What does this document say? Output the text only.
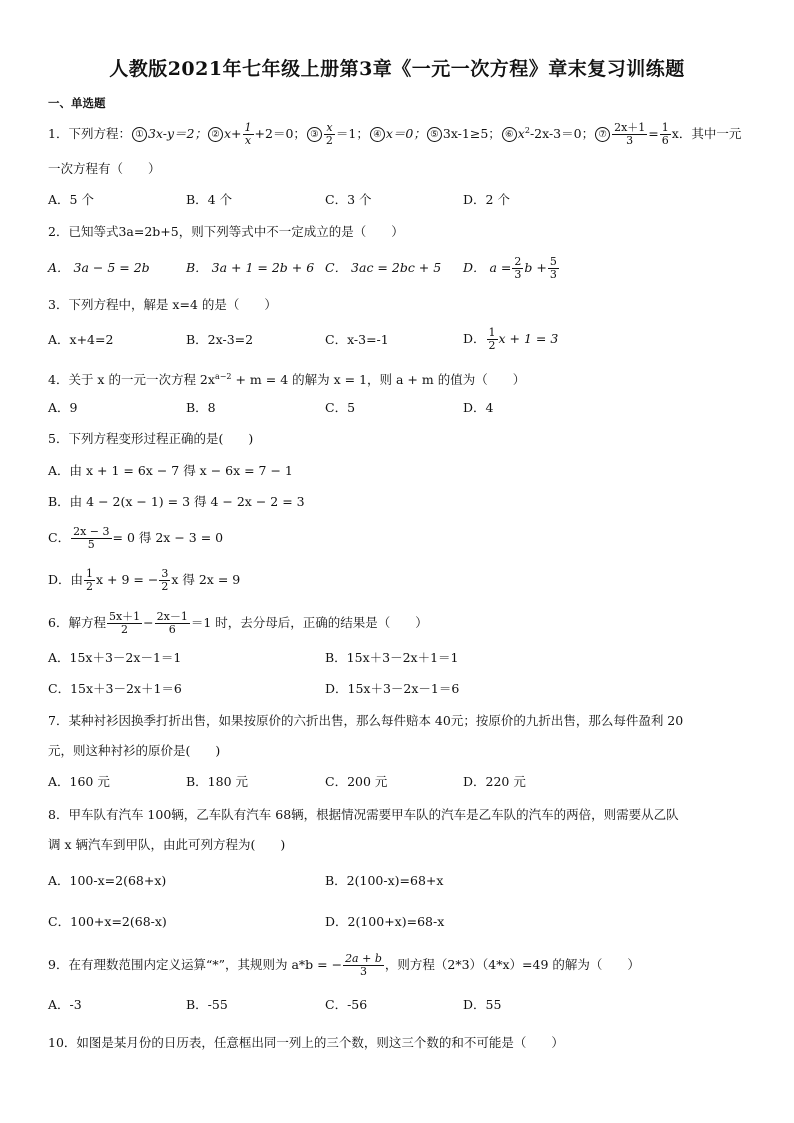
人教版2021年七年级上册第3章《一元一次方程》章末复习训练题
一、单选题
1．下列方程： ① 3x-y＝2； ② $x+ \frac{1}{x} +2=0$； ③ $\frac{x}{2} =1$； ④ x＝0； ⑤ 3x-1≥5； ⑥ $x^2-2x-3=0$； ⑦ $\frac{2x+1}{3} = \frac{1}{6}$ x．其中一元
一次方程有（　　）
A．5 个	B．4 个	C．3 个	D．2 个
2．已知等式3a=2b+5，则下列等式中不一定成立的是（　　）
A． 3a − 5 = 2b	B． 3a + 1 = 2b + 6 C． 3ac = 2bc + 5 D． $a = \frac{2}{3}$ $b + \frac{5}{3}$
3．下列方程中，解是 x=4 的是（　　）
A．x+4=2	B．2x-3=2	C．x-3=-1	D． $\frac{1}{2}$ x + 1 = 3
4．关于 x 的一元一次方程 $2x^{a-2} + m = 4$ 的解为 x = 1，则 a + m 的值为（　　）
A．9	B．8	C．5	D．4
5．下列方程变形过程正确的是(　　)
A．由 x + 1 = 6x − 7 得 x − 6x = 7 − 1
B．由 4 − 2(x − 1) = 3 得 4 − 2x − 2 = 3
C． $\frac{2x - 3}{5} = 0$ 得 2x − 3 = 0
D．由 $\frac{1}{2}$ x + 9 = − $\frac{3}{2}$ x 得 2x = 9
6．解方程 $\frac{5x+1}{2} - \frac{2x-1}{6} =1$ 时，去分母后，正确的结果是（　　）
A．15x＋3－2x－1＝1	B．15x＋3－2x＋1＝1
C．15x＋3－2x＋1＝6	D．15x＋3－2x－1＝6
7．某种衬衫因换季打折出售，如果按原价的六折出售，那么每件赔本 40元；按原价的九折出售，那么每件盈利 20
元，则这种衬衫的原价是(　　)
A．160 元	B．180 元	C．200 元	D．220 元
8．甲车队有汽车 100辆，乙车队有汽车 68辆，根据情况需要甲车队的汽车是乙车队的汽车的两倍，则需要从乙队
调 x 辆汽车到甲队，由此可列方程为(　　)
A．100-x=2(68+x)	B．2(100-x)=68+x
C．100+x=2(68-x)	D．2(100+x)=68-x
9．在有理数范围内定义运算“*”，其规则为 a*b = − $\frac{2a + b}{3}$ ，则方程（2*3）（4*x）=49 的解为（　　）
A．-3	B．-55	C．-56	D．55
10．如图是某月份的日历表，任意框出同一列上的三个数，则这三个数的和不可能是（　　）
